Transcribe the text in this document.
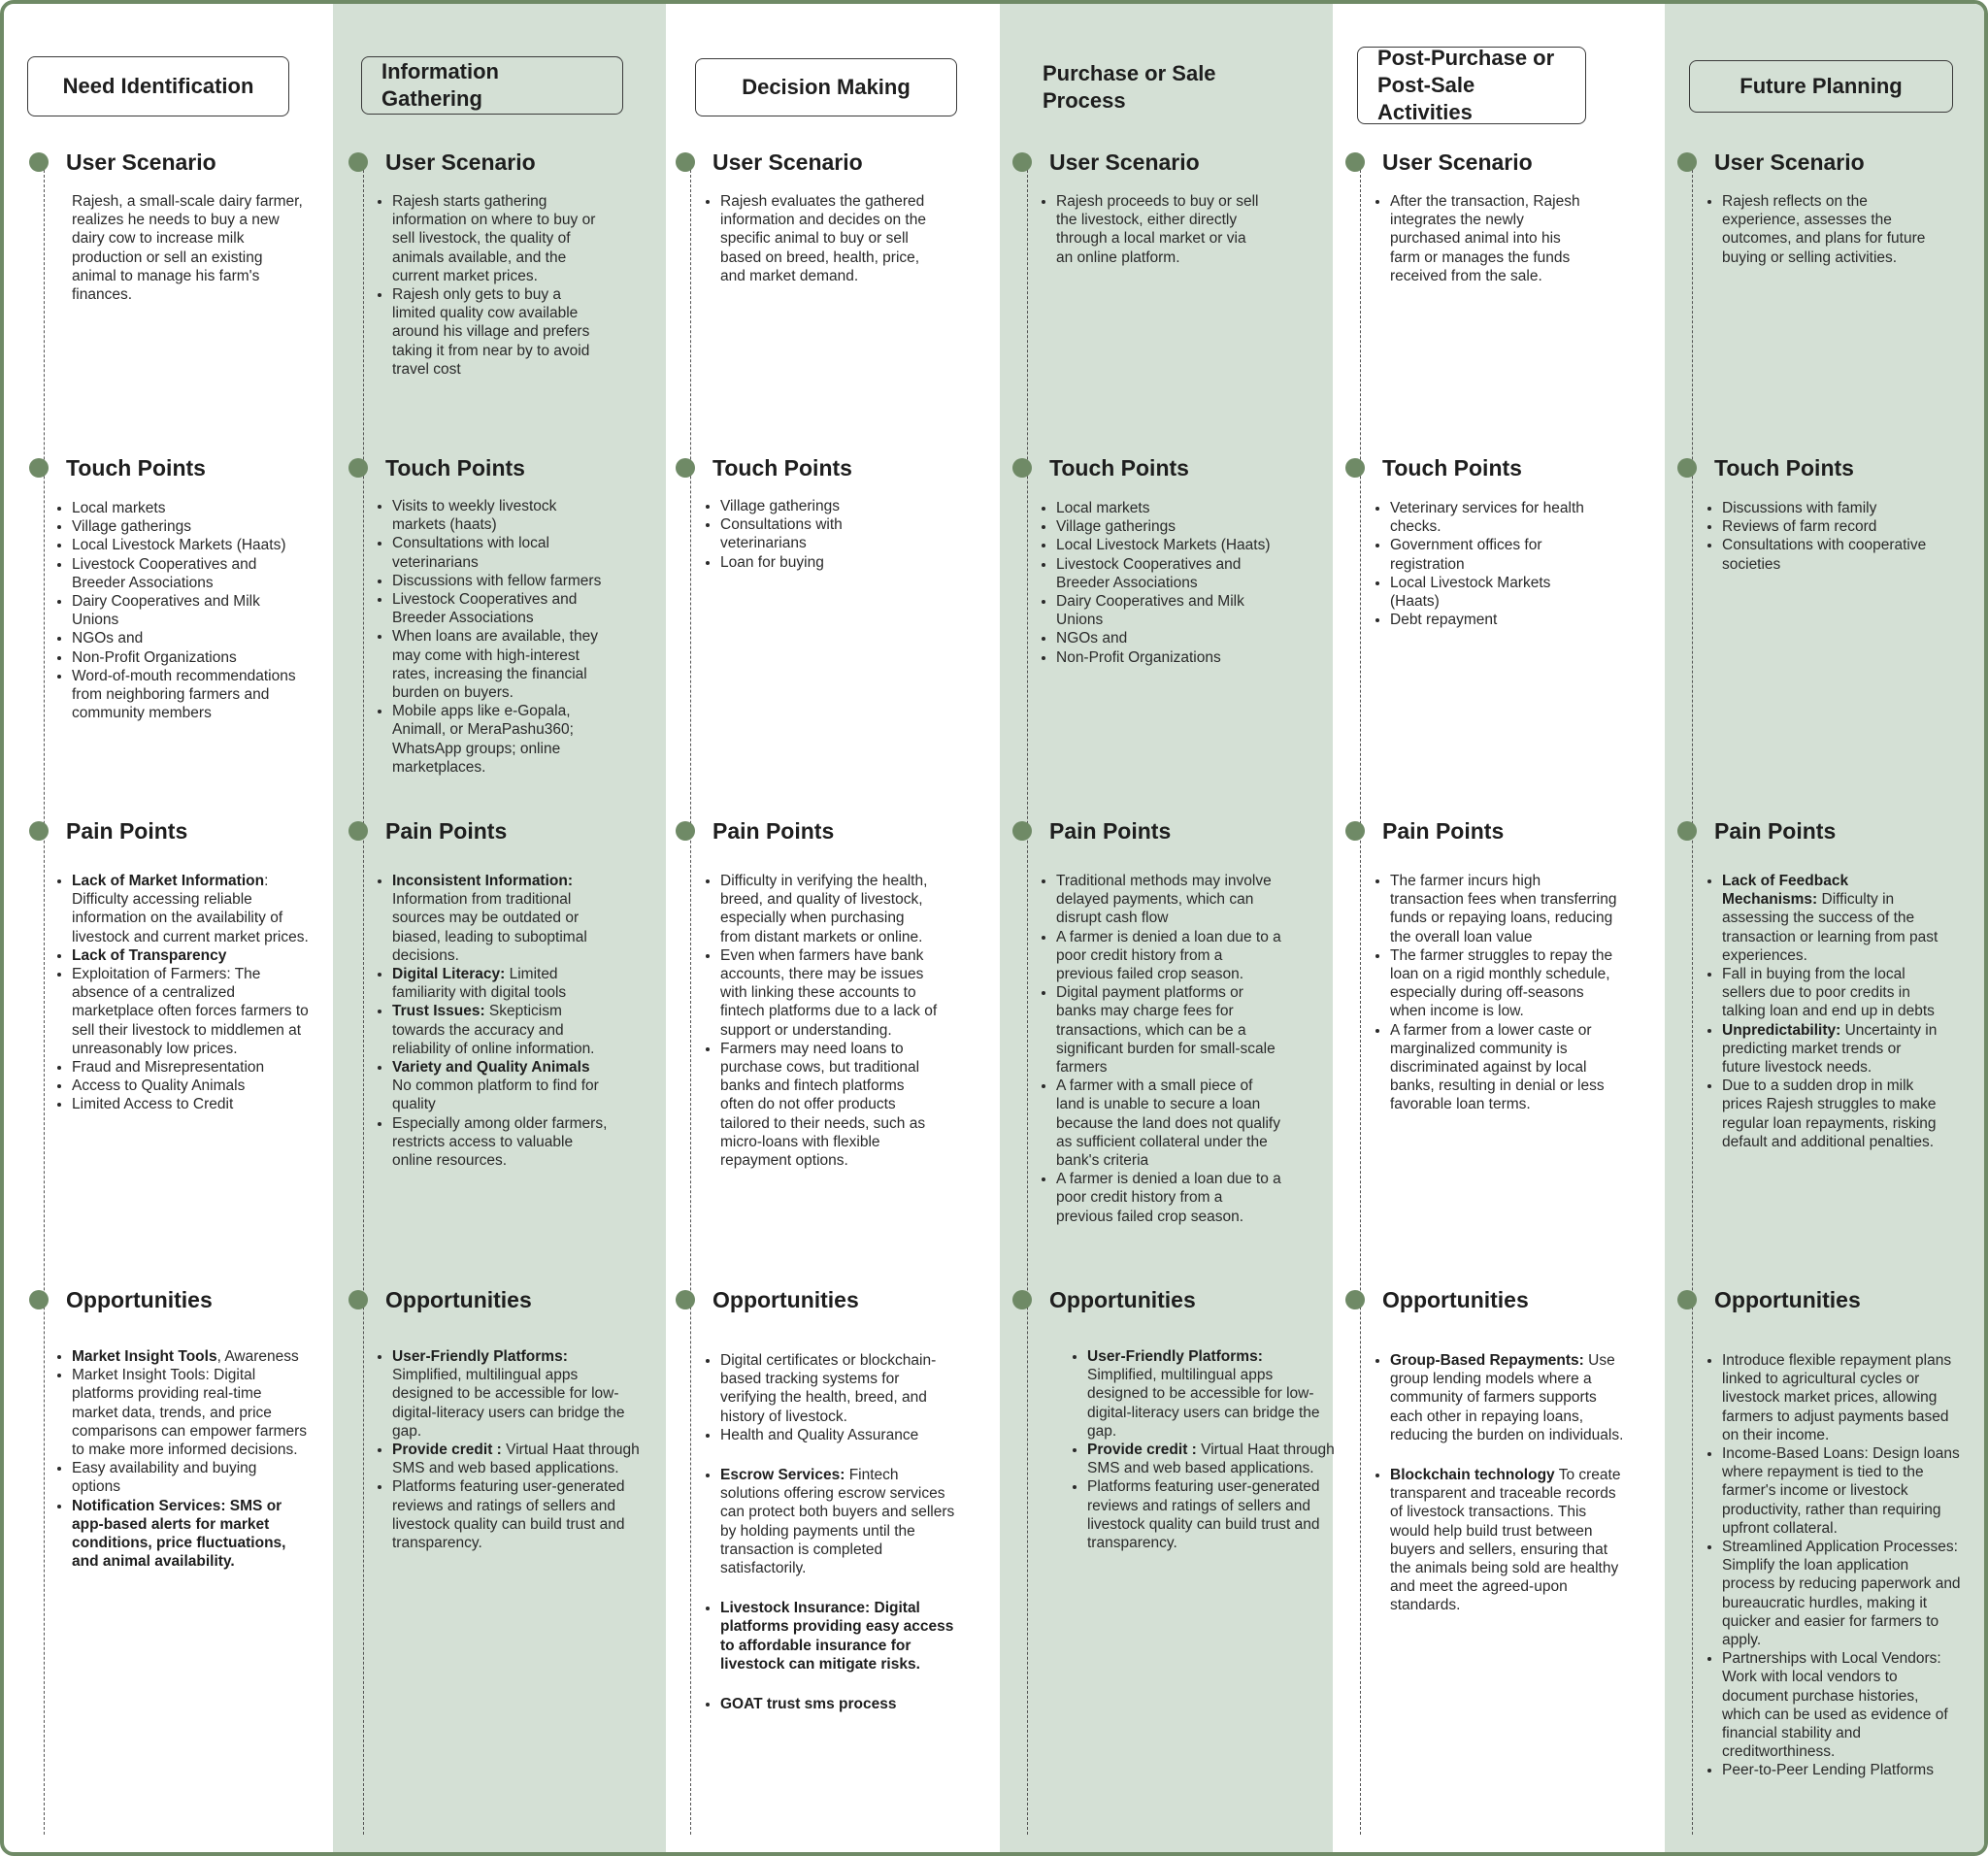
Need Identification
Information Gathering	Decision Making
Purchase or Sale Process
Post-Purchase or Post-Sale Activities
Future Planning
User Scenario

Rajesh, a small-scale dairy farmer, realizes he needs to buy a new dairy cow to increase milk production or sell an existing animal to manage his farm's finances.

Touch Points
• Local markets
• Village gatherings
• Local Livestock Markets (Haats)
• Livestock Cooperatives and Breeder Associations
• Dairy Cooperatives and Milk Unions
• NGOs and
• Non-Profit Organizations
• Word-of-mouth recommendations from neighboring farmers and community members
Pain Points
• Lack of Market Information: Difficulty accessing reliable information on the availability of livestock and current market prices.
• Lack of Transparency
• Exploitation of Farmers: The absence of a centralized marketplace often forces farmers to sell their livestock to middlemen at unreasonably low prices.
• Fraud and Misrepresentation
• Access to Quality Animals
• Limited Access to Credit
Opportunities
• Market Insight Tools, Awareness
• Market Insight Tools: Digital platforms providing real-time market data, trends, and price comparisons can empower farmers to make more informed decisions.
• Easy availability and buying options
• Notification Services: SMS or app-based alerts for market conditions, price fluctuations, and animal availability.
User Scenario
• Rajesh starts gathering information on where to buy or sell livestock, the quality of animals available, and the current market prices.
• Rajesh only gets to buy a limited quality cow available around his village and prefers taking it from near by to avoid travel cost
Touch Points
• Visits to weekly livestock markets (haats)
• Consultations with local veterinarians
• Discussions with fellow farmers
• Livestock Cooperatives and Breeder Associations
• When loans are available, they may come with high-interest rates, increasing the financial burden on buyers.
• Mobile apps like e-Gopala, Animall, or MeraPashu360; WhatsApp groups; online marketplaces.
Pain Points
• Inconsistent Information: Information from traditional sources may be outdated or biased, leading to suboptimal decisions.
• Digital Literacy: Limited familiarity with digital tools
• Trust Issues: Skepticism towards the accuracy and reliability of online information.
• Variety and Quality Animals No common platform to find for quality
• Especially among older farmers, restricts access to valuable online resources.
Opportunities
• User-Friendly Platforms: Simplified, multilingual apps designed to be accessible for low-digital-literacy users can bridge the gap.
• Provide credit : Virtual Haat through SMS and web based applications.
• Platforms featuring user-generated reviews and ratings of sellers and livestock quality can build trust and transparency.
User Scenario
• Rajesh evaluates the gathered information and decides on the specific animal to buy or sell based on breed, health, price, and market demand.
Touch Points
• Village gatherings
• Consultations with veterinarians
• Loan for buying
Pain Points
• Difficulty in verifying the health, breed, and quality of livestock, especially when purchasing from distant markets or online.
• Even when farmers have bank accounts, there may be issues with linking these accounts to fintech platforms due to a lack of support or understanding.
• Farmers may need loans to purchase cows, but traditional banks and fintech platforms often do not offer products tailored to their needs, such as micro-loans with flexible repayment options.
Opportunities
• Digital certificates or blockchain-based tracking systems for verifying the health, breed, and history of livestock.
• Health and Quality Assurance
• Escrow Services: Fintech solutions offering escrow services can protect both buyers and sellers by holding payments until the transaction is completed satisfactorily.
• Livestock Insurance: Digital platforms providing easy access to affordable insurance for livestock can mitigate risks.
• GOAT trust sms process
User Scenario
• Rajesh proceeds to buy or sell the livestock, either directly through a local market or via an online platform.
Touch Points
• Local markets
• Village gatherings
• Local Livestock Markets (Haats)
• Livestock Cooperatives and Breeder Associations
• Dairy Cooperatives and Milk Unions
• NGOs and
• Non-Profit Organizations
Pain Points
• Traditional methods may involve delayed payments, which can disrupt cash flow
• A farmer is denied a loan due to a poor credit history from a previous failed crop season.
• Digital payment platforms or banks may charge fees for transactions, which can be a significant burden for small-scale farmers
• A farmer with a small piece of land is unable to secure a loan because the land does not qualify as sufficient collateral under the bank's criteria
• A farmer is denied a loan due to a poor credit history from a previous failed crop season.
Opportunities
• User-Friendly Platforms: Simplified, multilingual apps designed to be accessible for low-digital-literacy users can bridge the gap.
• Provide credit : Virtual Haat through SMS and web based applications.
• Platforms featuring user-generated reviews and ratings of sellers and livestock quality can build trust and transparency.
User Scenario
• After the transaction, Rajesh integrates the newly purchased animal into his farm or manages the funds received from the sale.
Touch Points
• Veterinary services for health checks.
• Government offices for registration
• Local Livestock Markets (Haats)
• Debt repayment
Pain Points
• The farmer incurs high transaction fees when transferring funds or repaying loans, reducing the overall loan value
• The farmer struggles to repay the loan on a rigid monthly schedule, especially during off-seasons when income is low.
• A farmer from a lower caste or marginalized community is discriminated against by local banks, resulting in denial or less favorable loan terms.
Opportunities
• Group-Based Repayments: Use group lending models where a community of farmers supports each other in repaying loans, reducing the burden on individuals.
• Blockchain technology To create transparent and traceable records of livestock transactions. This would help build trust between buyers and sellers, ensuring that the animals being sold are healthy and meet the agreed-upon standards.
User Scenario
• Rajesh reflects on the experience, assesses the outcomes, and plans for future buying or selling activities.
Touch Points
• Discussions with family
• Reviews of farm record
• Consultations with cooperative societies
Pain Points
• Lack of Feedback Mechanisms: Difficulty in assessing the success of the transaction or learning from past experiences.
• Fall in buying from the local sellers due to poor credits in talking loan and end up in debts
• Unpredictability: Uncertainty in predicting market trends or future livestock needs.
• Due to a sudden drop in milk prices Rajesh struggles to make regular loan repayments, risking default and additional penalties.
Opportunities
• Introduce flexible repayment plans linked to agricultural cycles or livestock market prices, allowing farmers to adjust payments based on their income.
• Income-Based Loans: Design loans where repayment is tied to the farmer's income or livestock productivity, rather than requiring upfront collateral.
• Streamlined Application Processes: Simplify the loan application process by reducing paperwork and bureaucratic hurdles, making it quicker and easier for farmers to apply.
• Partnerships with Local Vendors: Work with local vendors to document purchase histories, which can be used as evidence of financial stability and creditworthiness.
• Peer-to-Peer Lending Platforms
